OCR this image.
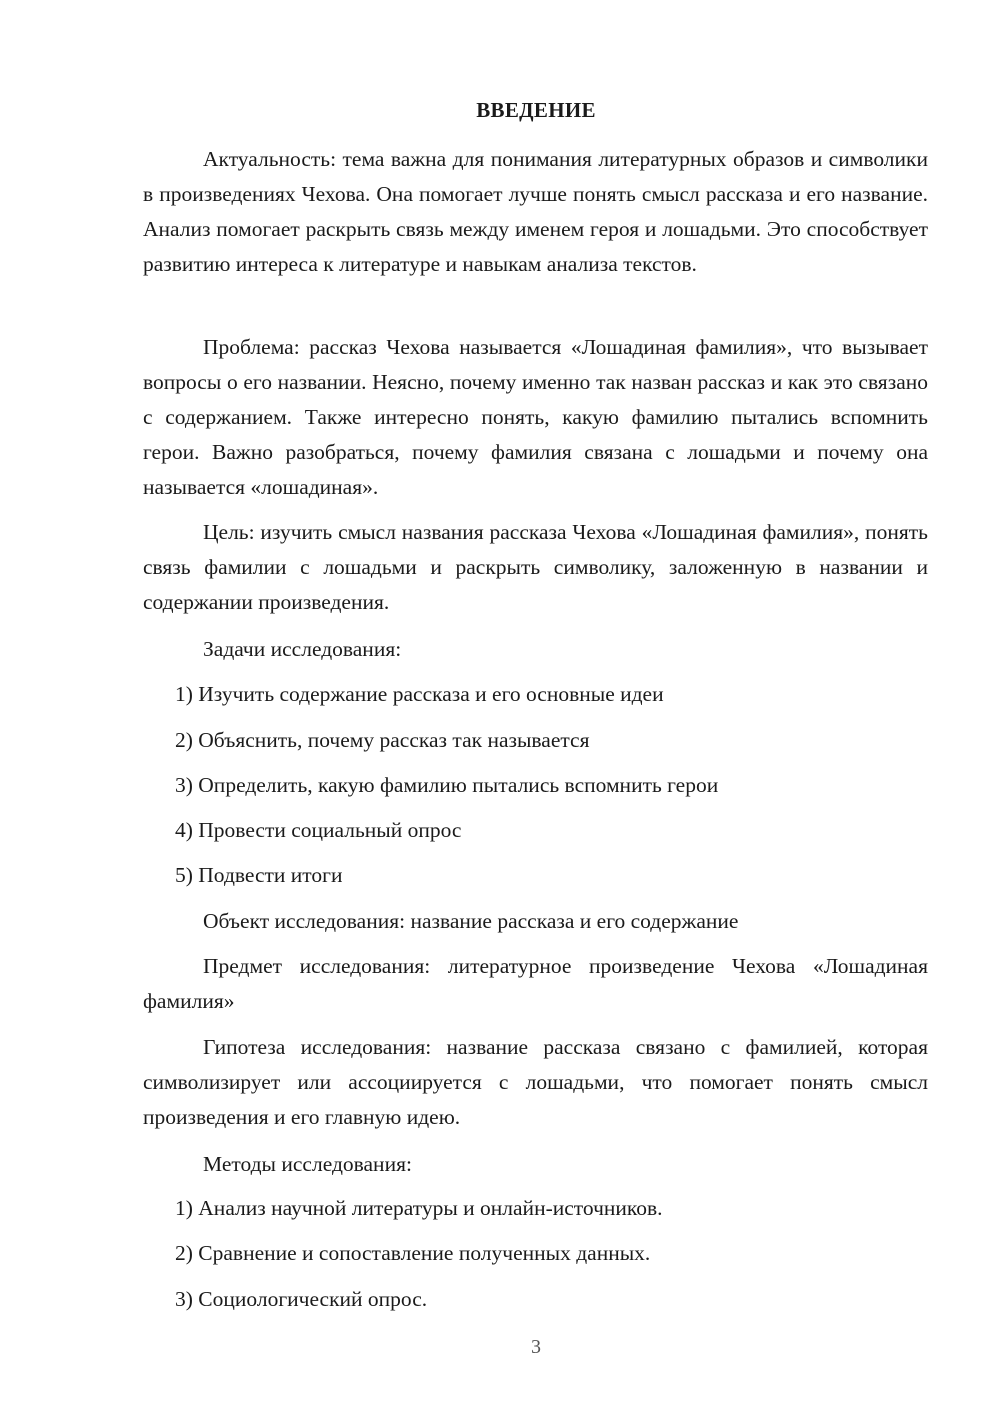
ВВЕДЕНИЕ

Актуальность: тема важна для понимания литературных образов и символики в произведениях Чехова. Она помогает лучше понять смысл рассказа и его название. Анализ помогает раскрыть связь между именем героя и лошадьми. Это способствует развитию интереса к литературе и навыкам анализа текстов.

Проблема: рассказ Чехова называется «Лошадиная фамилия», что вызывает вопросы о его названии. Неясно, почему именно так назван рассказ и как это связано с содержанием. Также интересно понять, какую фамилию пытались вспомнить герои. Важно разобраться, почему фамилия связана с лошадьми и почему она называется «лошадиная».

Цель: изучить смысл названия рассказа Чехова «Лошадиная фамилия», понять связь фамилии с лошадьми и раскрыть символику, заложенную в названии и содержании произведения.

Задачи исследования:
1) Изучить содержание рассказа и его основные идеи
2) Объяснить, почему рассказ так называется
3) Определить, какую фамилию пытались вспомнить герои
4) Провести социальный опрос
5) Подвести итоги
Объект исследования: название рассказа и его содержание

Предмет исследования: литературное произведение Чехова «Лошадиная фамилия»

Гипотеза исследования: название рассказа связано с фамилией, которая символизирует или ассоциируется с лошадьми, что помогает понять смысл произведения и его главную идею.

Методы исследования:
1) Анализ научной литературы и онлайн-источников.
2) Сравнение и сопоставление полученных данных.
3) Социологический опрос.
3
